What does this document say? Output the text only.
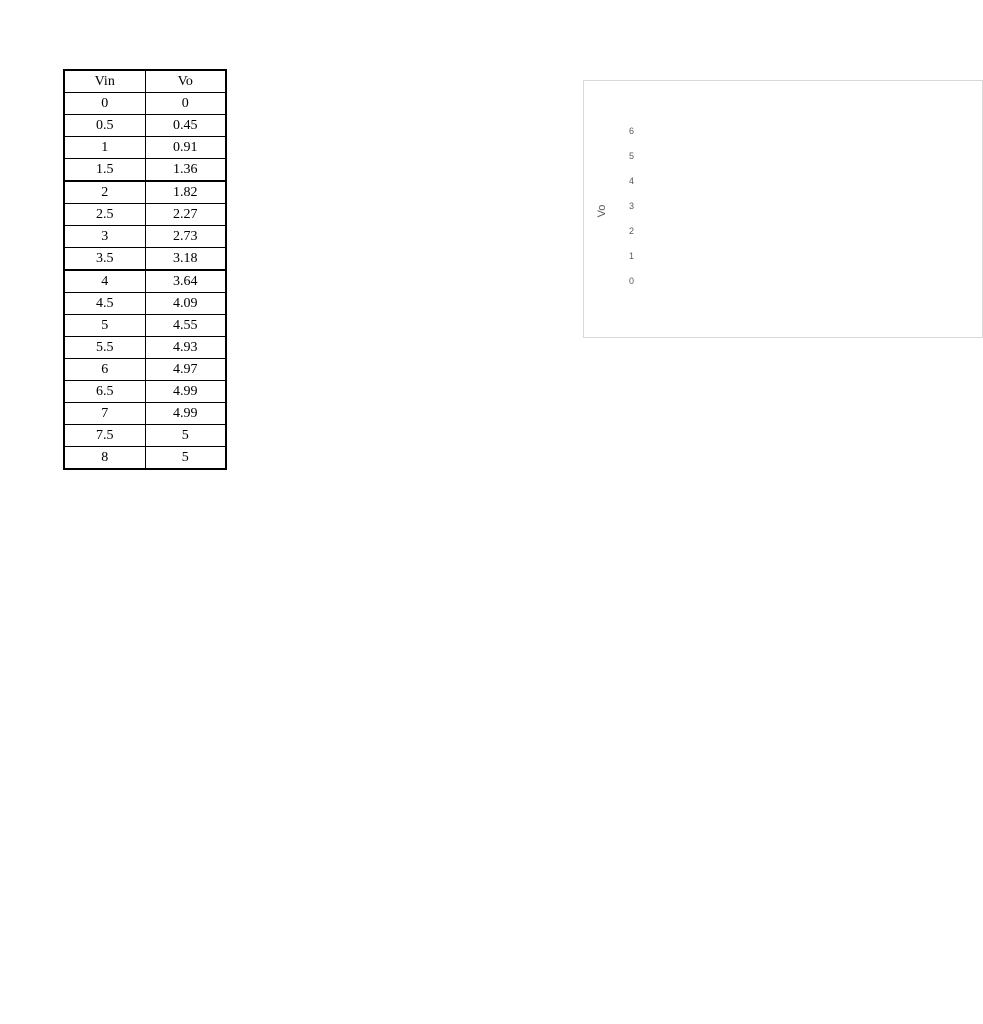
Vin	Vo
0	0
0.5	0.45
1	0.91
1.5	1.36
2	1.82
2.5	2.27
3	2.73
3.5	3.18
4	3.64
4.5	4.09
5	4.55
5.5	4.93
6	4.97
6.5	4.99
7	4.99
7.5	5
8	5
Vo
6
5
4
3
2
1
0
